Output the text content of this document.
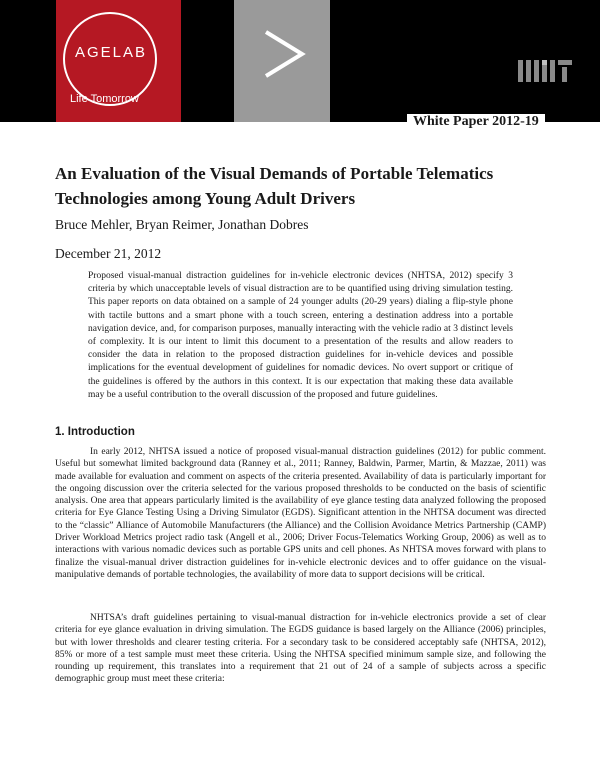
AGELAB
Life Tomorrow
White Paper 2012-19
An Evaluation of the Visual Demands of Portable Telematics Technologies among Young Adult Drivers
Bruce Mehler, Bryan Reimer, Jonathan Dobres
December 21, 2012

Proposed visual-manual distraction guidelines for in-vehicle electronic devices (NHTSA, 2012) specify 3 criteria by which unacceptable levels of visual distraction are to be quantified using driving simulation testing. This paper reports on data obtained on a sample of 24 younger adults (20-29 years) dialing a flip-style phone with tactile buttons and a smart phone with a touch screen, entering a destination address into a portable navigation device, and, for comparison purposes, manually interacting with the vehicle radio at 3 distinct levels of complexity. It is our intent to limit this document to a presentation of the results and allow readers to consider the data in relation to the proposed distraction guidelines for in-vehicle devices and possible implications for the eventual development of guidelines for nomadic devices. No overt support or critique of the guidelines is offered by the authors in this context. It is our expectation that making these data available may be a useful contribution to the overall discussion of the proposed and future guidelines.

1. Introduction

In early 2012, NHTSA issued a notice of proposed visual-manual distraction guidelines (2012) for public comment. Useful but somewhat limited background data (Ranney et al., 2011; Ranney, Baldwin, Parmer, Martin, & Mazzae, 2011) was made available for evaluation and comment on aspects of the criteria presented. Availability of data is particularly important for the ongoing discussion over the criteria selected for the various proposed thresholds to be conducted on the basis of scientific analysis. One area that appears particularly limited is the availability of eye glance testing data analyzed following the proposed criteria for Eye Glance Testing Using a Driving Simulator (EGDS). Significant attention in the NHTSA document was directed to the “classic” Alliance of Automobile Manufacturers (the Alliance) and the Collision Avoidance Metrics Partnership (CAMP) Driver Workload Metrics project radio task (Angell et al., 2006; Driver Focus-Telematics Working Group, 2006) as well as to interactions with various nomadic devices such as portable GPS units and cell phones. As NHTSA moves forward with plans to finalize the visual-manual driver distraction guidelines for in-vehicle electronic devices and to offer guidance on the visual-manipulative demands of portable technologies, the availability of more data to support decisions will be critical.

NHTSA’s draft guidelines pertaining to visual-manual distraction for in-vehicle electronics provide a set of clear criteria for eye glance evaluation in driving simulation. The EGDS guidance is based largely on the Alliance (2006) principles, but with lower thresholds and clearer testing criteria. For a secondary task to be considered acceptably safe (NHTSA, 2012), 85% or more of a test sample must meet these criteria. Using the NHTSA specified minimum sample size, and following the rounding up requirement, this translates into a requirement that 21 out of 24 of a sample of subjects across a specific demographic group must meet these criteria:
